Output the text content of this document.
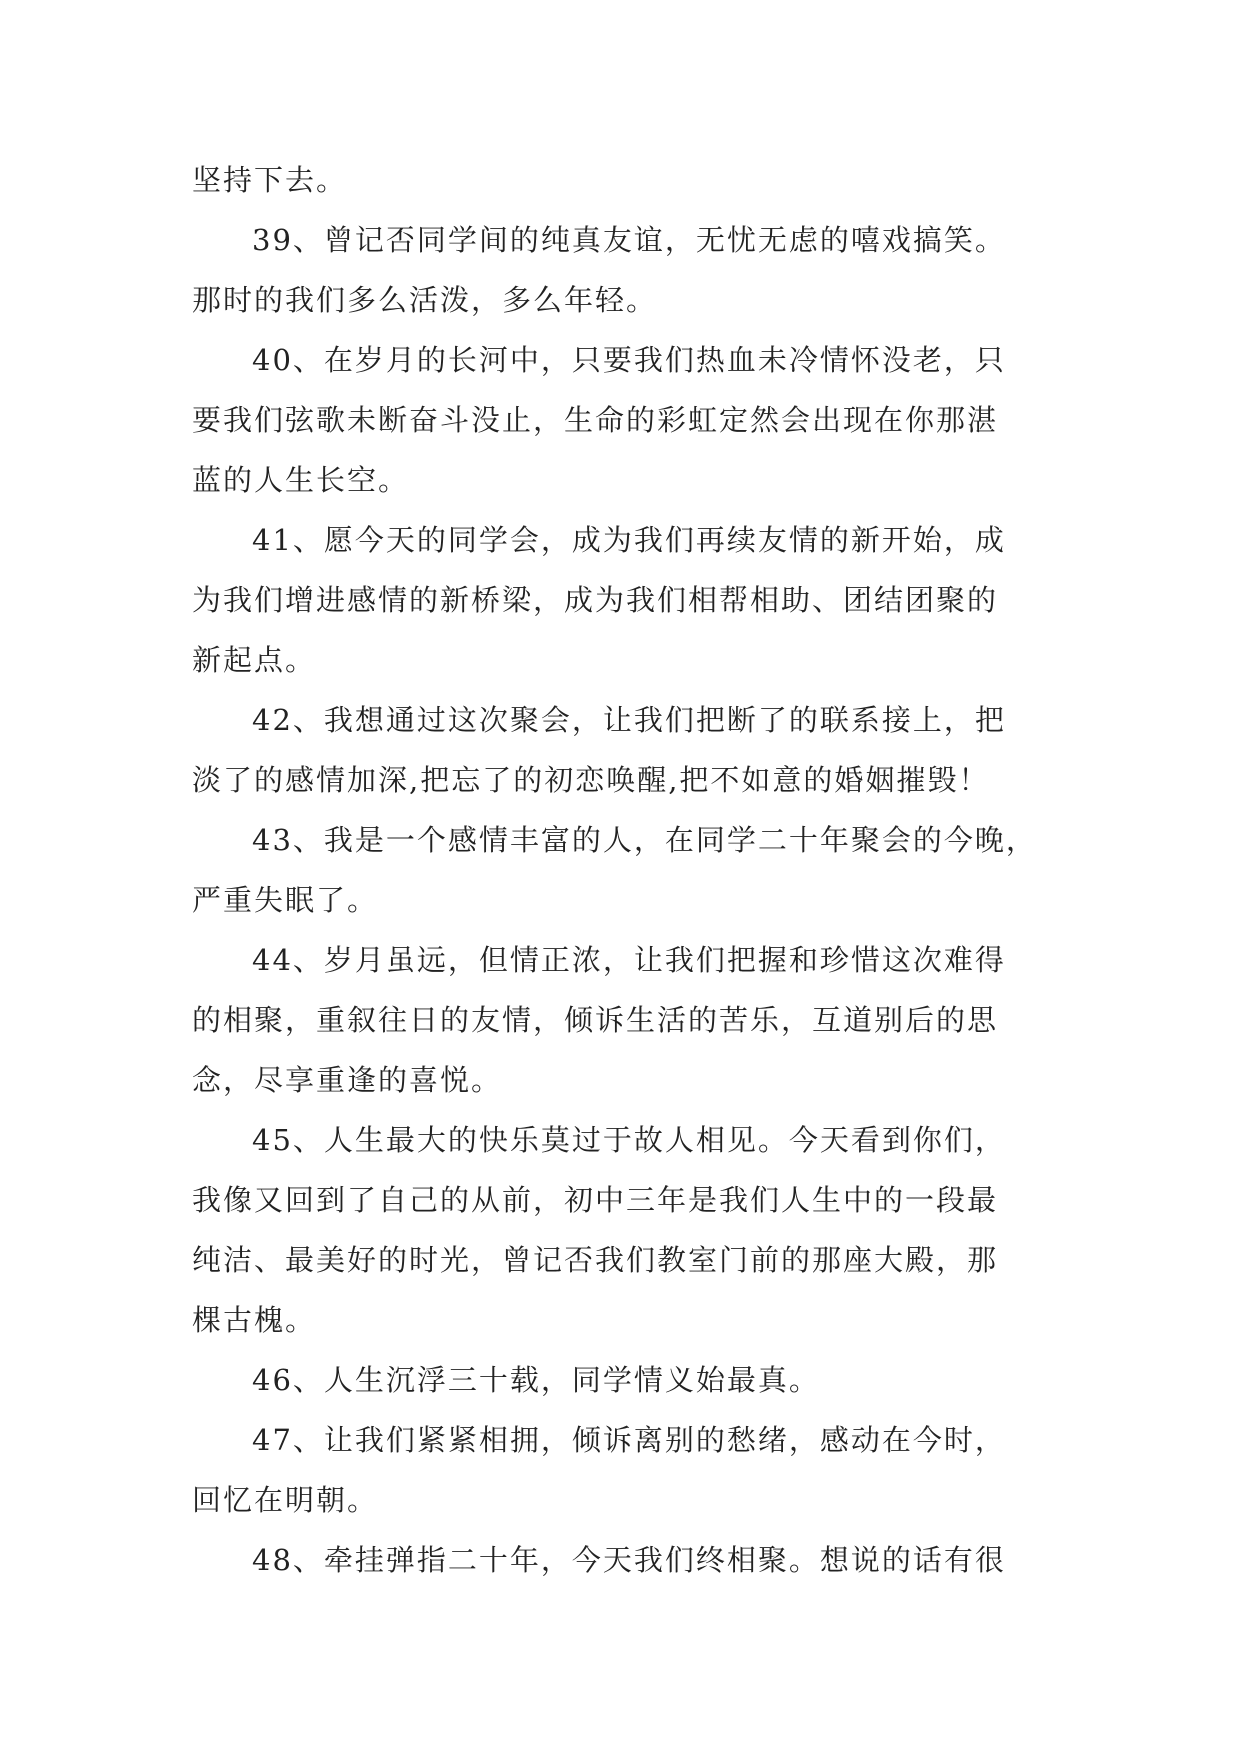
坚持下去。
39、曾记否同学间的纯真友谊，无忧无虑的嘻戏搞笑。
那时的我们多么活泼，多么年轻。
40、在岁月的长河中，只要我们热血未冷情怀没老，只
要我们弦歌未断奋斗没止，生命的彩虹定然会出现在你那湛
蓝的人生长空。
41、愿今天的同学会，成为我们再续友情的新开始，成
为我们增进感情的新桥梁，成为我们相帮相助、团结团聚的
新起点。
42、我想通过这次聚会，让我们把断了的联系接上，把
淡了的感情加深,把忘了的初恋唤醒,把不如意的婚姻摧毁！
43、我是一个感情丰富的人，在同学二十年聚会的今晚，
严重失眠了。
44、岁月虽远，但情正浓，让我们把握和珍惜这次难得
的相聚，重叙往日的友情，倾诉生活的苦乐，互道别后的思
念，尽享重逢的喜悦。
45、人生最大的快乐莫过于故人相见。今天看到你们，
我像又回到了自己的从前，初中三年是我们人生中的一段最
纯洁、最美好的时光，曾记否我们教室门前的那座大殿，那
棵古槐。
46、人生沉浮三十载，同学情义始最真。
47、让我们紧紧相拥，倾诉离别的愁绪，感动在今时，
回忆在明朝。
48、牵挂弹指二十年，今天我们终相聚。想说的话有很
